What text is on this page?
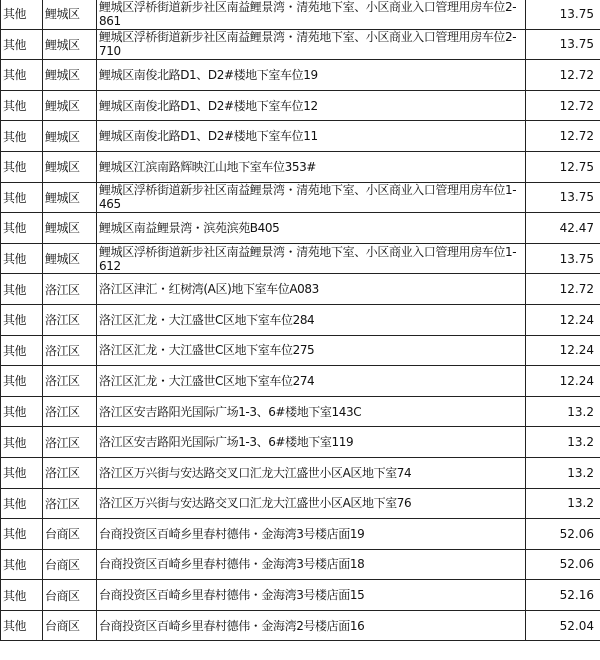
其他	鲤城区	鲤城区浮桥街道新步社区南益鲤景湾・清苑地下室、小区商业入口管理用房车位2-861	13.75
其他	鲤城区	鲤城区浮桥街道新步社区南益鲤景湾・清苑地下室、小区商业入口管理用房车位2-710	13.75
其他	鲤城区	鲤城区南俊北路D1、D2#楼地下室车位19	12.72
其他	鲤城区	鲤城区南俊北路D1、D2#楼地下室车位12	12.72
其他	鲤城区	鲤城区南俊北路D1、D2#楼地下室车位11	12.72
其他	鲤城区	鲤城区江滨南路辉映江山地下室车位353#	12.75
其他	鲤城区	鲤城区浮桥街道新步社区南益鲤景湾・清苑地下室、小区商业入口管理用房车位1-465	13.75
其他	鲤城区	鲤城区南益鲤景湾・滨苑滨苑B405	42.47
其他	鲤城区	鲤城区浮桥街道新步社区南益鲤景湾・清苑地下室、小区商业入口管理用房车位1-612	13.75
其他	洛江区	洛江区津汇・红树湾(A区)地下室车位A083	12.72
其他	洛江区	洛江区汇龙・大江盛世C区地下室车位284	12.24
其他	洛江区	洛江区汇龙・大江盛世C区地下室车位275	12.24
其他	洛江区	洛江区汇龙・大江盛世C区地下室车位274	12.24
其他	洛江区	洛江区安吉路阳光国际广场1-3、6#楼地下室143C	13.2
其他	洛江区	洛江区安吉路阳光国际广场1-3、6#楼地下室119	13.2
其他	洛江区	洛江区万兴街与安达路交叉口汇龙大江盛世小区A区地下室74	13.2
其他	洛江区	洛江区万兴街与安达路交叉口汇龙大江盛世小区A区地下室76	13.2
其他	台商区	台商投资区百崎乡里春村德伟・金海湾3号楼店面19	52.06
其他	台商区	台商投资区百崎乡里春村德伟・金海湾3号楼店面18	52.06
其他	台商区	台商投资区百崎乡里春村德伟・金海湾3号楼店面15	52.16
其他	台商区	台商投资区百崎乡里春村德伟・金海湾2号楼店面16	52.04
